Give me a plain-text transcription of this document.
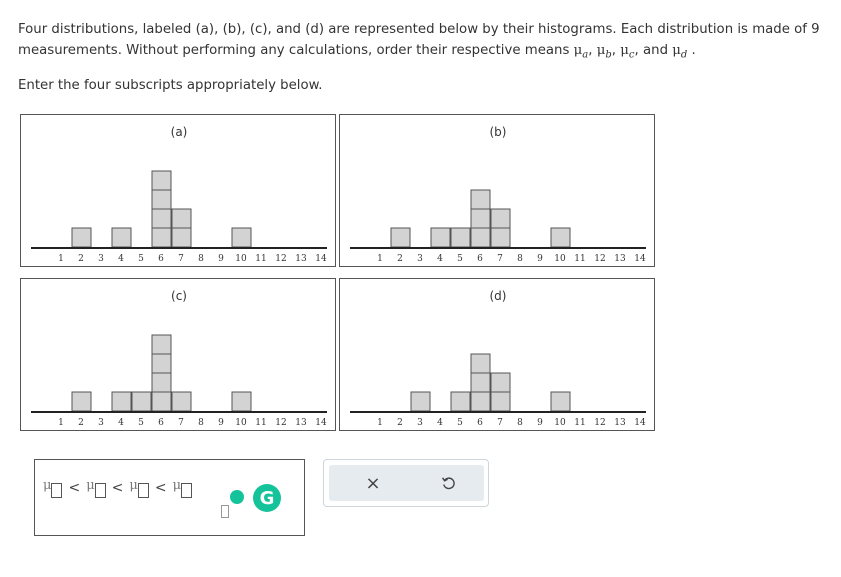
Four distributions, labeled (a), (b), (c), and (d) are represented below by their histograms. Each distribution is made of 9
measurements. Without performing any calculations, order their respective means $\mu_a$, $\mu_b$, $\mu_c$, and $\mu_d$ .
Enter the four subscripts appropriately below.
(a)
1 2 3 4 5 6 7 8 9 10 11 12 13 14
(b)
1 2 3 4 5 6 7 8 9 10 11 12 13 14
(c)
1 2 3 4 5 6 7 8 9 10 11 12 13 14
(d)
1 2 3 4 5 6 7 8 9 10 11 12 13 14
μ < μ < μ < μ
G
×
